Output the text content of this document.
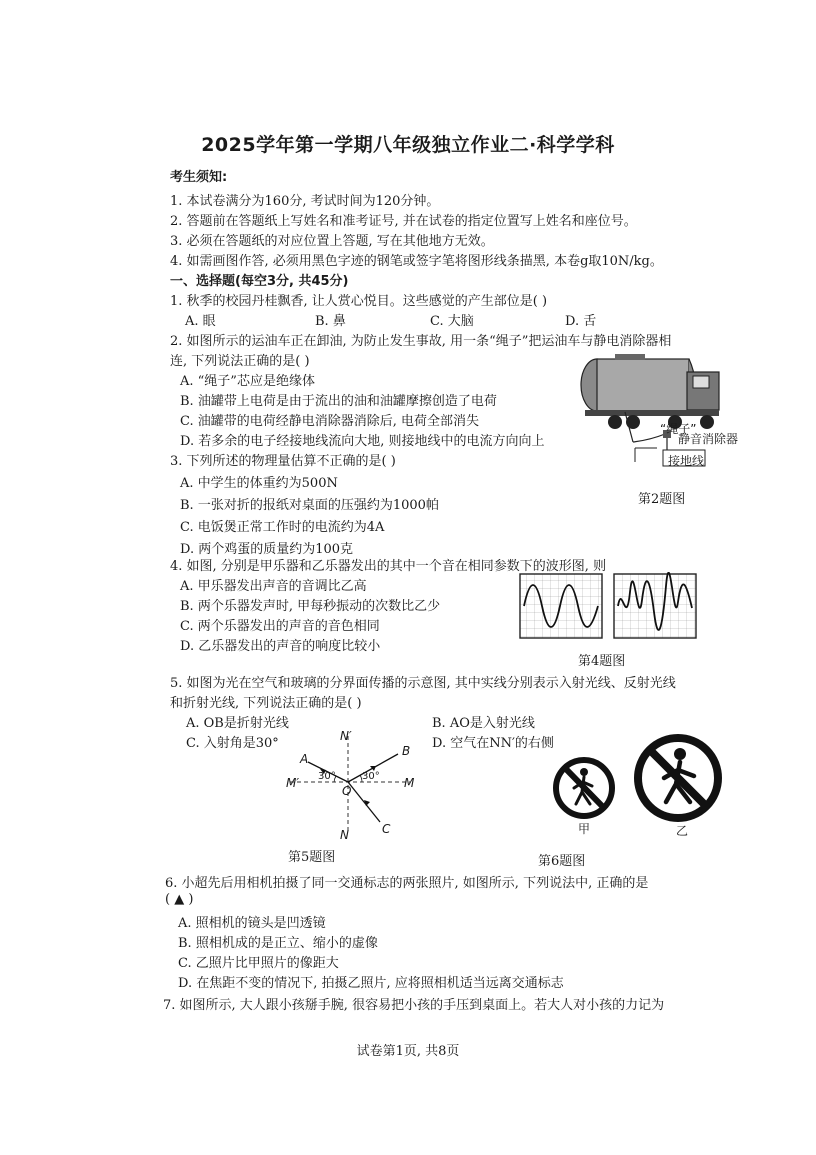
2025学年第一学期八年级独立作业二·科学学科
考生须知:
1. 本试卷满分为160分, 考试时间为120分钟。
2. 答题前在答题纸上写姓名和准考证号, 并在试卷的指定位置写上姓名和座位号。
3. 必须在答题纸的对应位置上答题, 写在其他地方无效。
4. 如需画图作答, 必须用黑色字迹的钢笔或签字笔将图形线条描黑, 本卷g取10N/kg。
一、选择题(每空3分, 共45分)
1. 秋季的校园丹桂飘香, 让人赏心悦目。这些感觉的产生部位是( )
A. 眼	B. 鼻	C. 大脑	D. 舌
2. 如图所示的运油车正在卸油, 为防止发生事故, 用一条“绳子”把运油车与静电消除器相
连, 下列说法正确的是( )
A. “绳子”芯应是绝缘体
B. 油罐带上电荷是由于流出的油和油罐摩擦创造了电荷
C. 油罐带的电荷经静电消除器消除后, 电荷全部消失
D. 若多余的电子经接地线流向大地, 则接地线中的电流方向向上
“绳子”
静音消除器
接地线
第2题图
3. 下列所述的物理量估算不正确的是( )
A. 中学生的体重约为500N
B. 一张对折的报纸对桌面的压强约为1000帕
C. 电饭煲正常工作时的电流约为4A
D. 两个鸡蛋的质量约为100克
4. 如图, 分别是甲乐器和乙乐器发出的其中一个音在相同参数下的波形图, 则
A. 甲乐器发出声音的音调比乙高
B. 两个乐器发声时, 甲每秒振动的次数比乙少
C. 两个乐器发出的声音的音色相同
D. 乙乐器发出的声音的响度比较小
第4题图
5. 如图为光在空气和玻璃的分界面传播的示意图, 其中实线分别表示入射光线、反射光线
和折射光线, 下列说法正确的是( )
A. OB是折射光线	B. AO是入射光线
C. 入射角是30°	D. 空气在NN′的右侧
N′
N
M′	M
O
A
B
C
30°	30°
第5题图
甲	乙
第6题图
6. 小超先后用相机拍摄了同一交通标志的两张照片, 如图所示, 下列说法中, 正确的是
( ▲ )
A. 照相机的镜头是凹透镜
B. 照相机成的是正立、缩小的虚像
C. 乙照片比甲照片的像距大
D. 在焦距不变的情况下, 拍摄乙照片, 应将照相机适当远离交通标志
7. 如图所示, 大人跟小孩掰手腕, 很容易把小孩的手压到桌面上。若大人对小孩的力记为
试卷第1页, 共8页
